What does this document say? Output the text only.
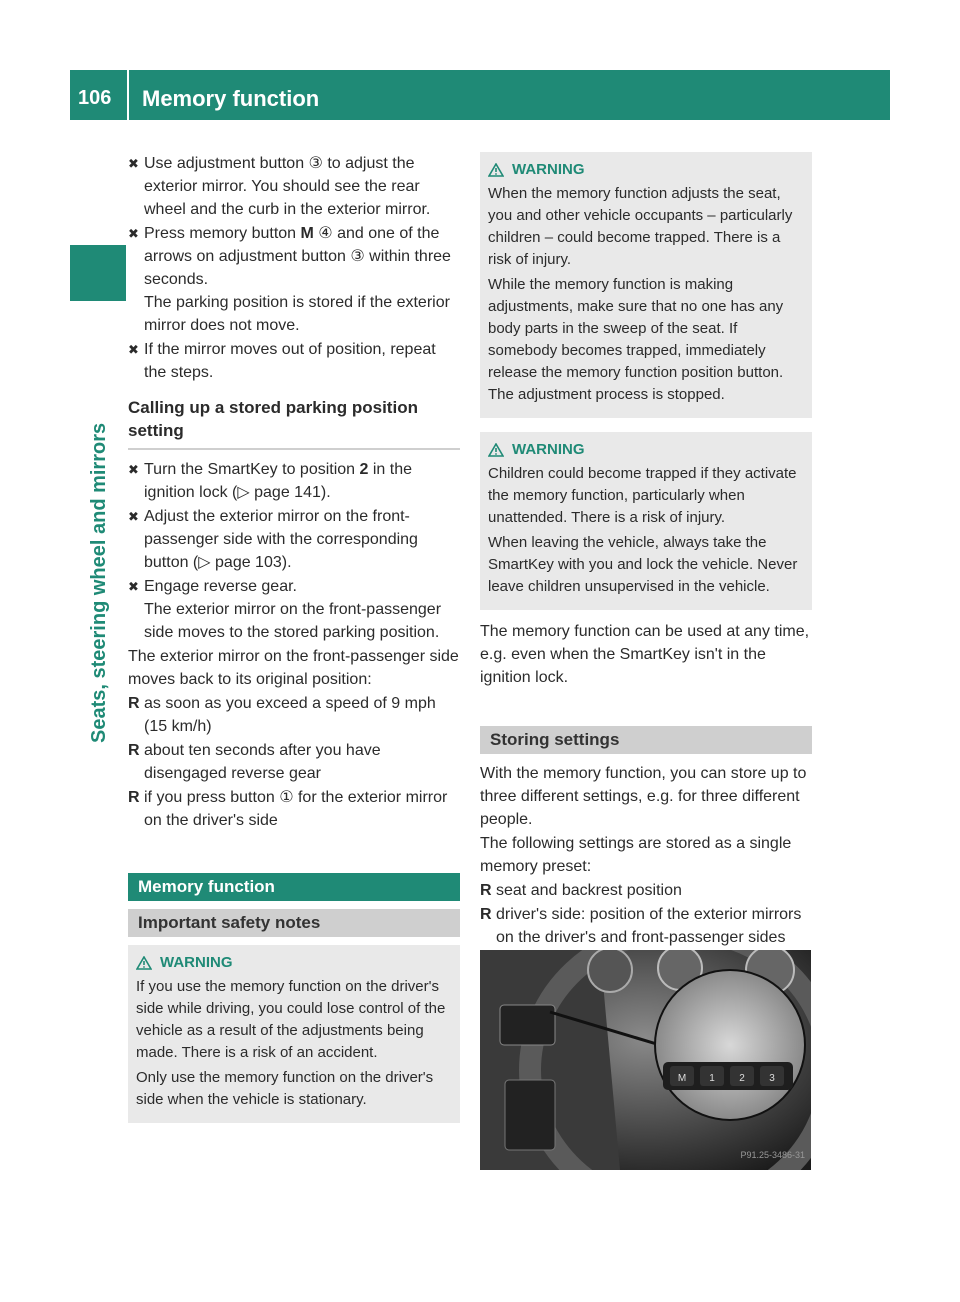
106 Memory function
Seats, steering wheel and mirrors
✖ Use adjustment button ③ to adjust the exterior mirror. You should see the rear wheel and the curb in the exterior mirror.
✖ Press memory button M ④ and one of the arrows on adjustment button ③ within three seconds.
The parking position is stored if the exterior mirror does not move.
✖ If the mirror moves out of position, repeat the steps.
Calling up a stored parking position setting
✖ Turn the SmartKey to position 2 in the ignition lock (▷ page 141).
✖ Adjust the exterior mirror on the front-passenger side with the corresponding button (▷ page 103).
✖ Engage reverse gear.
The exterior mirror on the front-passenger side moves to the stored parking position.

The exterior mirror on the front-passenger side moves back to its original position:

R as soon as you exceed a speed of 9 mph (15 km/h)
R about ten seconds after you have disengaged reverse gear
R if you press button ① for the exterior mirror on the driver's side
Memory function
Important safety notes
WARNING

If you use the memory function on the driver's side while driving, you could lose control of the vehicle as a result of the adjustments being made. There is a risk of an accident.

Only use the memory function on the driver's side when the vehicle is stationary.

WARNING

When the memory function adjusts the seat, you and other vehicle occupants – particularly children – could become trapped. There is a risk of injury.

While the memory function is making adjustments, make sure that no one has any body parts in the sweep of the seat. If somebody becomes trapped, immediately release the memory function position button. The adjustment process is stopped.

WARNING

Children could become trapped if they activate the memory function, particularly when unattended. There is a risk of injury.

When leaving the vehicle, always take the SmartKey with you and lock the vehicle. Never leave children unsupervised in the vehicle.

The memory function can be used at any time, e.g. even when the SmartKey isn't in the ignition lock.

Storing settings

With the memory function, you can store up to three different settings, e.g. for three different people.

The following settings are stored as a single memory preset:

R seat and backrest position
R driver's side: position of the exterior mirrors on the driver's and front-passenger sides
M 1 2 3
P91.25-3486-31
